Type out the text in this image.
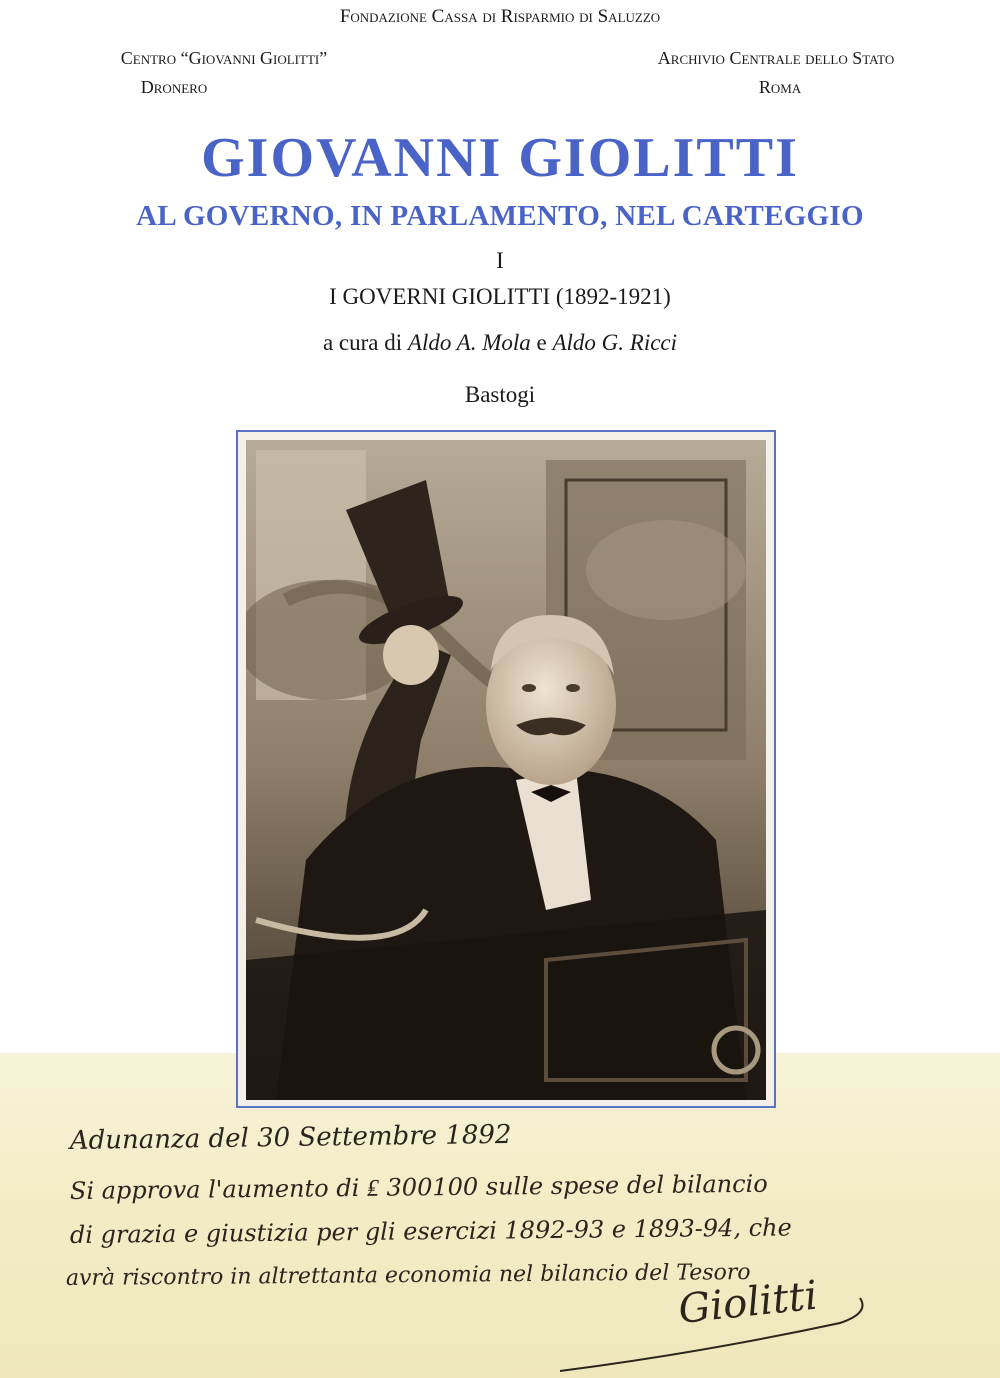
Fondazione Cassa di Risparmio di Saluzzo
Centro “Giovanni Giolitti”
Dronero
Archivio Centrale dello Stato
Roma
GIOVANNI GIOLITTI
AL GOVERNO, IN PARLAMENTO, NEL CARTEGGIO
I
I GOVERNI GIOLITTI (1892-1921)
a cura di Aldo A. Mola e Aldo G. Ricci
Bastogi
Adunanza del 30 Settembre 1892
Si approva l'aumento di ₤ 300100 sulle spese del bilancio
di grazia e giustizia per gli esercizi 1892-93 e 1893-94, che
avrà riscontro in altrettanta economia nel bilancio del Tesoro
Giolitti
